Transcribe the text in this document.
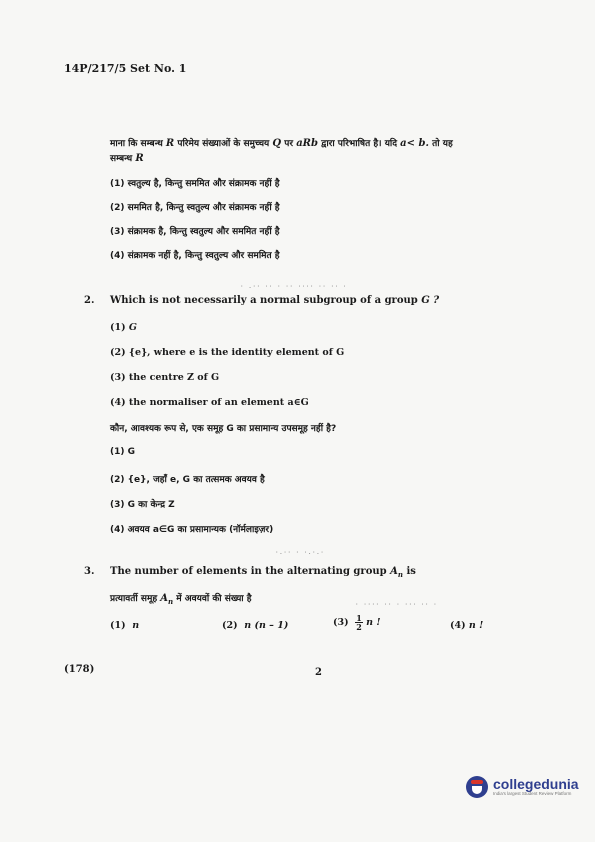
14P/217/5 Set No. 1
माना कि सम्बन्ध R परिमेय संख्याओं के समुच्चय Q पर aRb द्वारा परिभाषित है। यदि a< b. तो यह
सम्बन्ध R
(1) स्वतुल्य है, किन्तु सममित और संक्रामक नहीं है
(2) सममित है, किन्तु स्वतुल्य और संक्रामक नहीं है
(3) संक्रामक है, किन्तु स्वतुल्य और सममित नहीं है
(4) संक्रामक नहीं है, किन्तु स्वतुल्य और सममित है
· .·· ·· · ·· ···· ·· ·· ·
2. Which is not necessarily a normal subgroup of a group G ?
(1) G
(2) {e}, where e is the identity element of G
(3) the centre Z of G
(4) the normaliser of an element a∈G
कौन, आवश्यक रूप से, एक समूह G का प्रसामान्य उपसमूह नहीं है?
(1) G
(2) {e}, जहाँ e, G का तत्समक अवयव है
(3) G का केन्द्र Z
(4) अवयव a∈G का प्रसामान्यक (नॉर्मलाइज़र)
·.·· · ·.·.·
3. The number of elements in the alternating group $A_n$ is
प्रत्यावर्ती समूह $A_n$ में अवयवों की संख्या है
· ···· ·· · ··· ·· ·
(1) n	(2) n (n – 1)	$(3) \frac{1}{2}$ n !	(4) n !
(178)	2
collegedunia
India's largest Student Review Platform
